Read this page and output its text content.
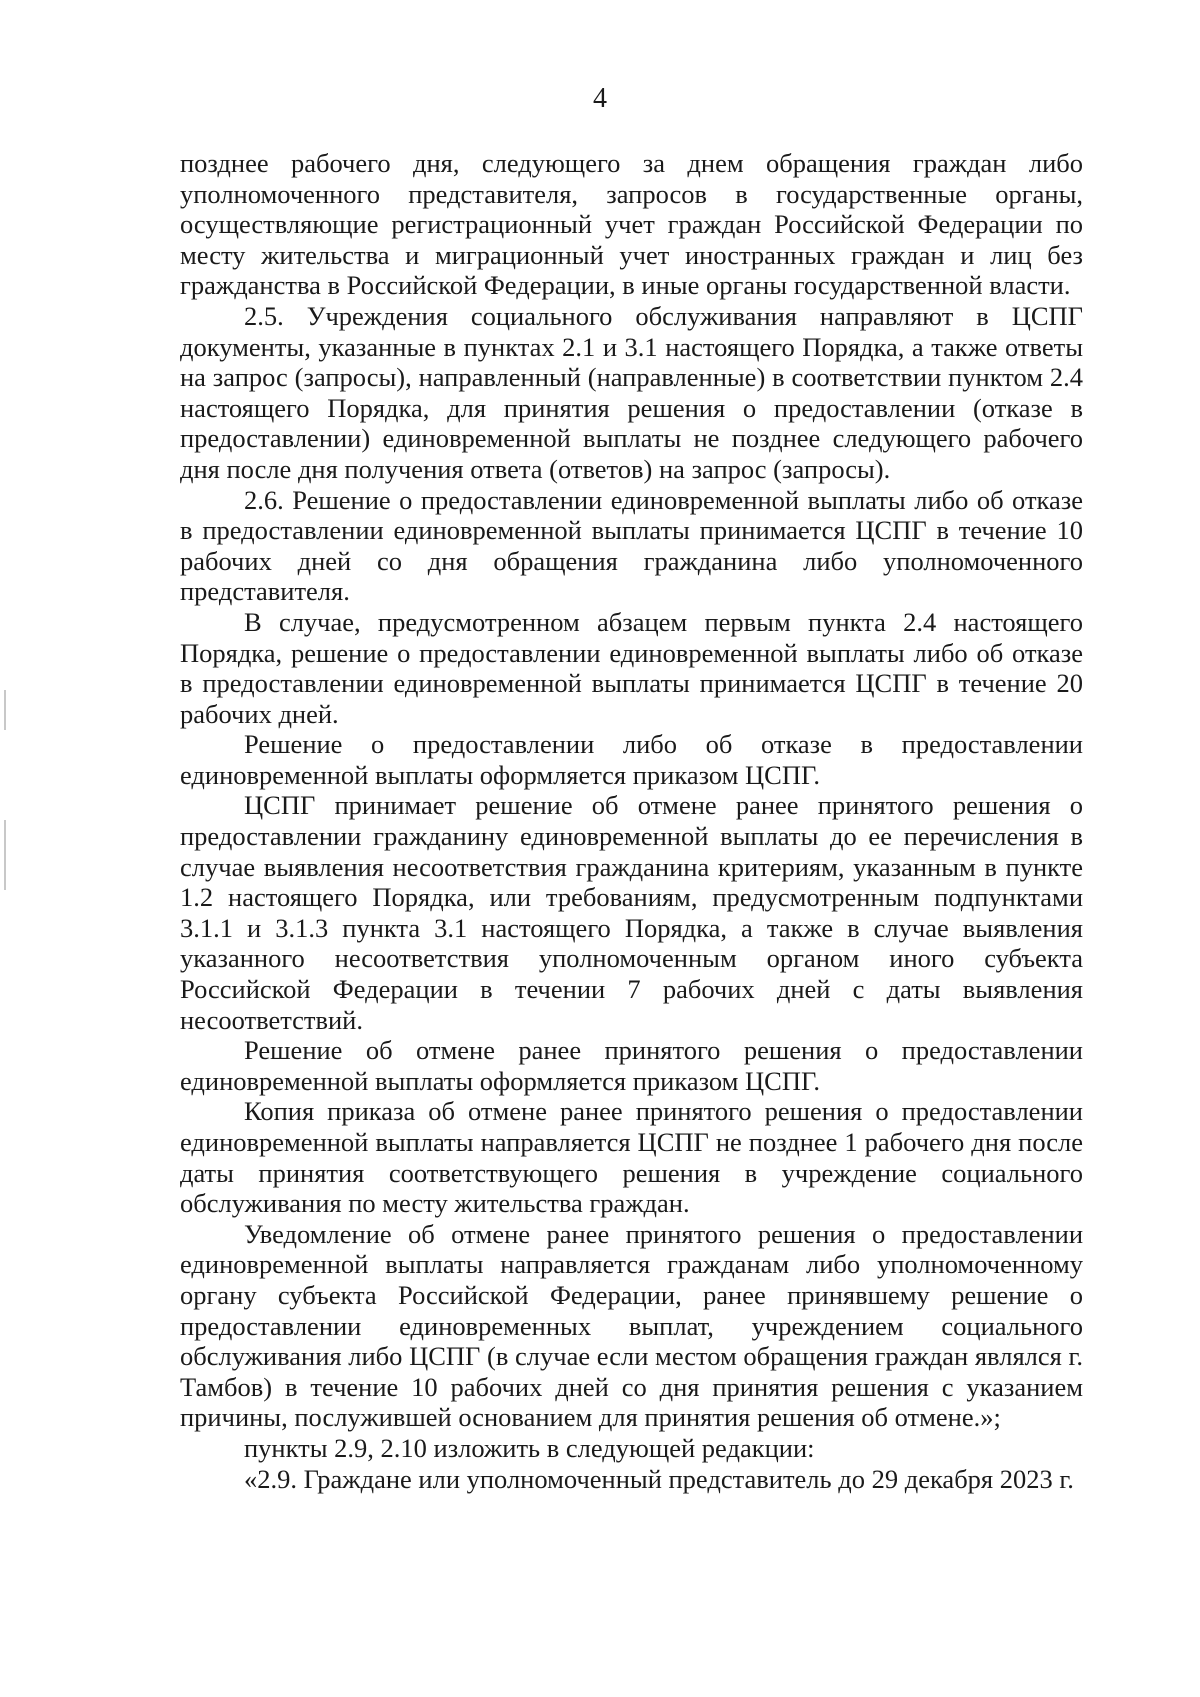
4

позднее рабочего дня, следующего за днем обращения граждан либо уполномоченного представителя, запросов в государственные органы, осуществляющие регистрационный учет граждан Российской Федерации по месту жительства и миграционный учет иностранных граждан и лиц без гражданства в Российской Федерации, в иные органы государственной власти.

2.5. Учреждения социального обслуживания направляют в ЦСПГ документы, указанные в пунктах 2.1 и 3.1 настоящего Порядка, а также ответы на запрос (запросы), направленный (направленные) в соответствии пунктом 2.4 настоящего Порядка, для принятия решения о предоставлении (отказе в предоставлении) единовременной выплаты не позднее следующего рабочего дня после дня получения ответа (ответов) на запрос (запросы).

2.6. Решение о предоставлении единовременной выплаты либо об отказе в предоставлении единовременной выплаты принимается ЦСПГ в течение 10 рабочих дней со дня обращения гражданина либо уполномоченного представителя.

В случае, предусмотренном абзацем первым пункта 2.4 настоящего Порядка, решение о предоставлении единовременной выплаты либо об отказе в предоставлении единовременной выплаты принимается ЦСПГ в течение 20 рабочих дней.

Решение о предоставлении либо об отказе в предоставлении единовременной выплаты оформляется приказом ЦСПГ.

ЦСПГ принимает решение об отмене ранее принятого решения о предоставлении гражданину единовременной выплаты до ее перечисления в случае выявления несоответствия гражданина критериям, указанным в пункте 1.2 настоящего Порядка, или требованиям, предусмотренным подпунктами 3.1.1 и 3.1.3 пункта 3.1 настоящего Порядка, а также в случае выявления указанного несоответствия уполномоченным органом иного субъекта Российской Федерации в течении 7 рабочих дней с даты выявления несоответствий.

Решение об отмене ранее принятого решения о предоставлении единовременной выплаты оформляется приказом ЦСПГ.

Копия приказа об отмене ранее принятого решения о предоставлении единовременной выплаты направляется ЦСПГ не позднее 1 рабочего дня после даты принятия соответствующего решения в учреждение социального обслуживания по месту жительства граждан.

Уведомление об отмене ранее принятого решения о предоставлении единовременной выплаты направляется гражданам либо уполномоченному органу субъекта Российской Федерации, ранее принявшему решение о предоставлении единовременных выплат, учреждением социального обслуживания либо ЦСПГ (в случае если местом обращения граждан являлся г. Тамбов) в течение 10 рабочих дней со дня принятия решения с указанием причины, послужившей основанием для принятия решения об отмене.»;

пункты 2.9, 2.10 изложить в следующей редакции:

«2.9. Граждане или уполномоченный представитель до 29 декабря 2023 г.
